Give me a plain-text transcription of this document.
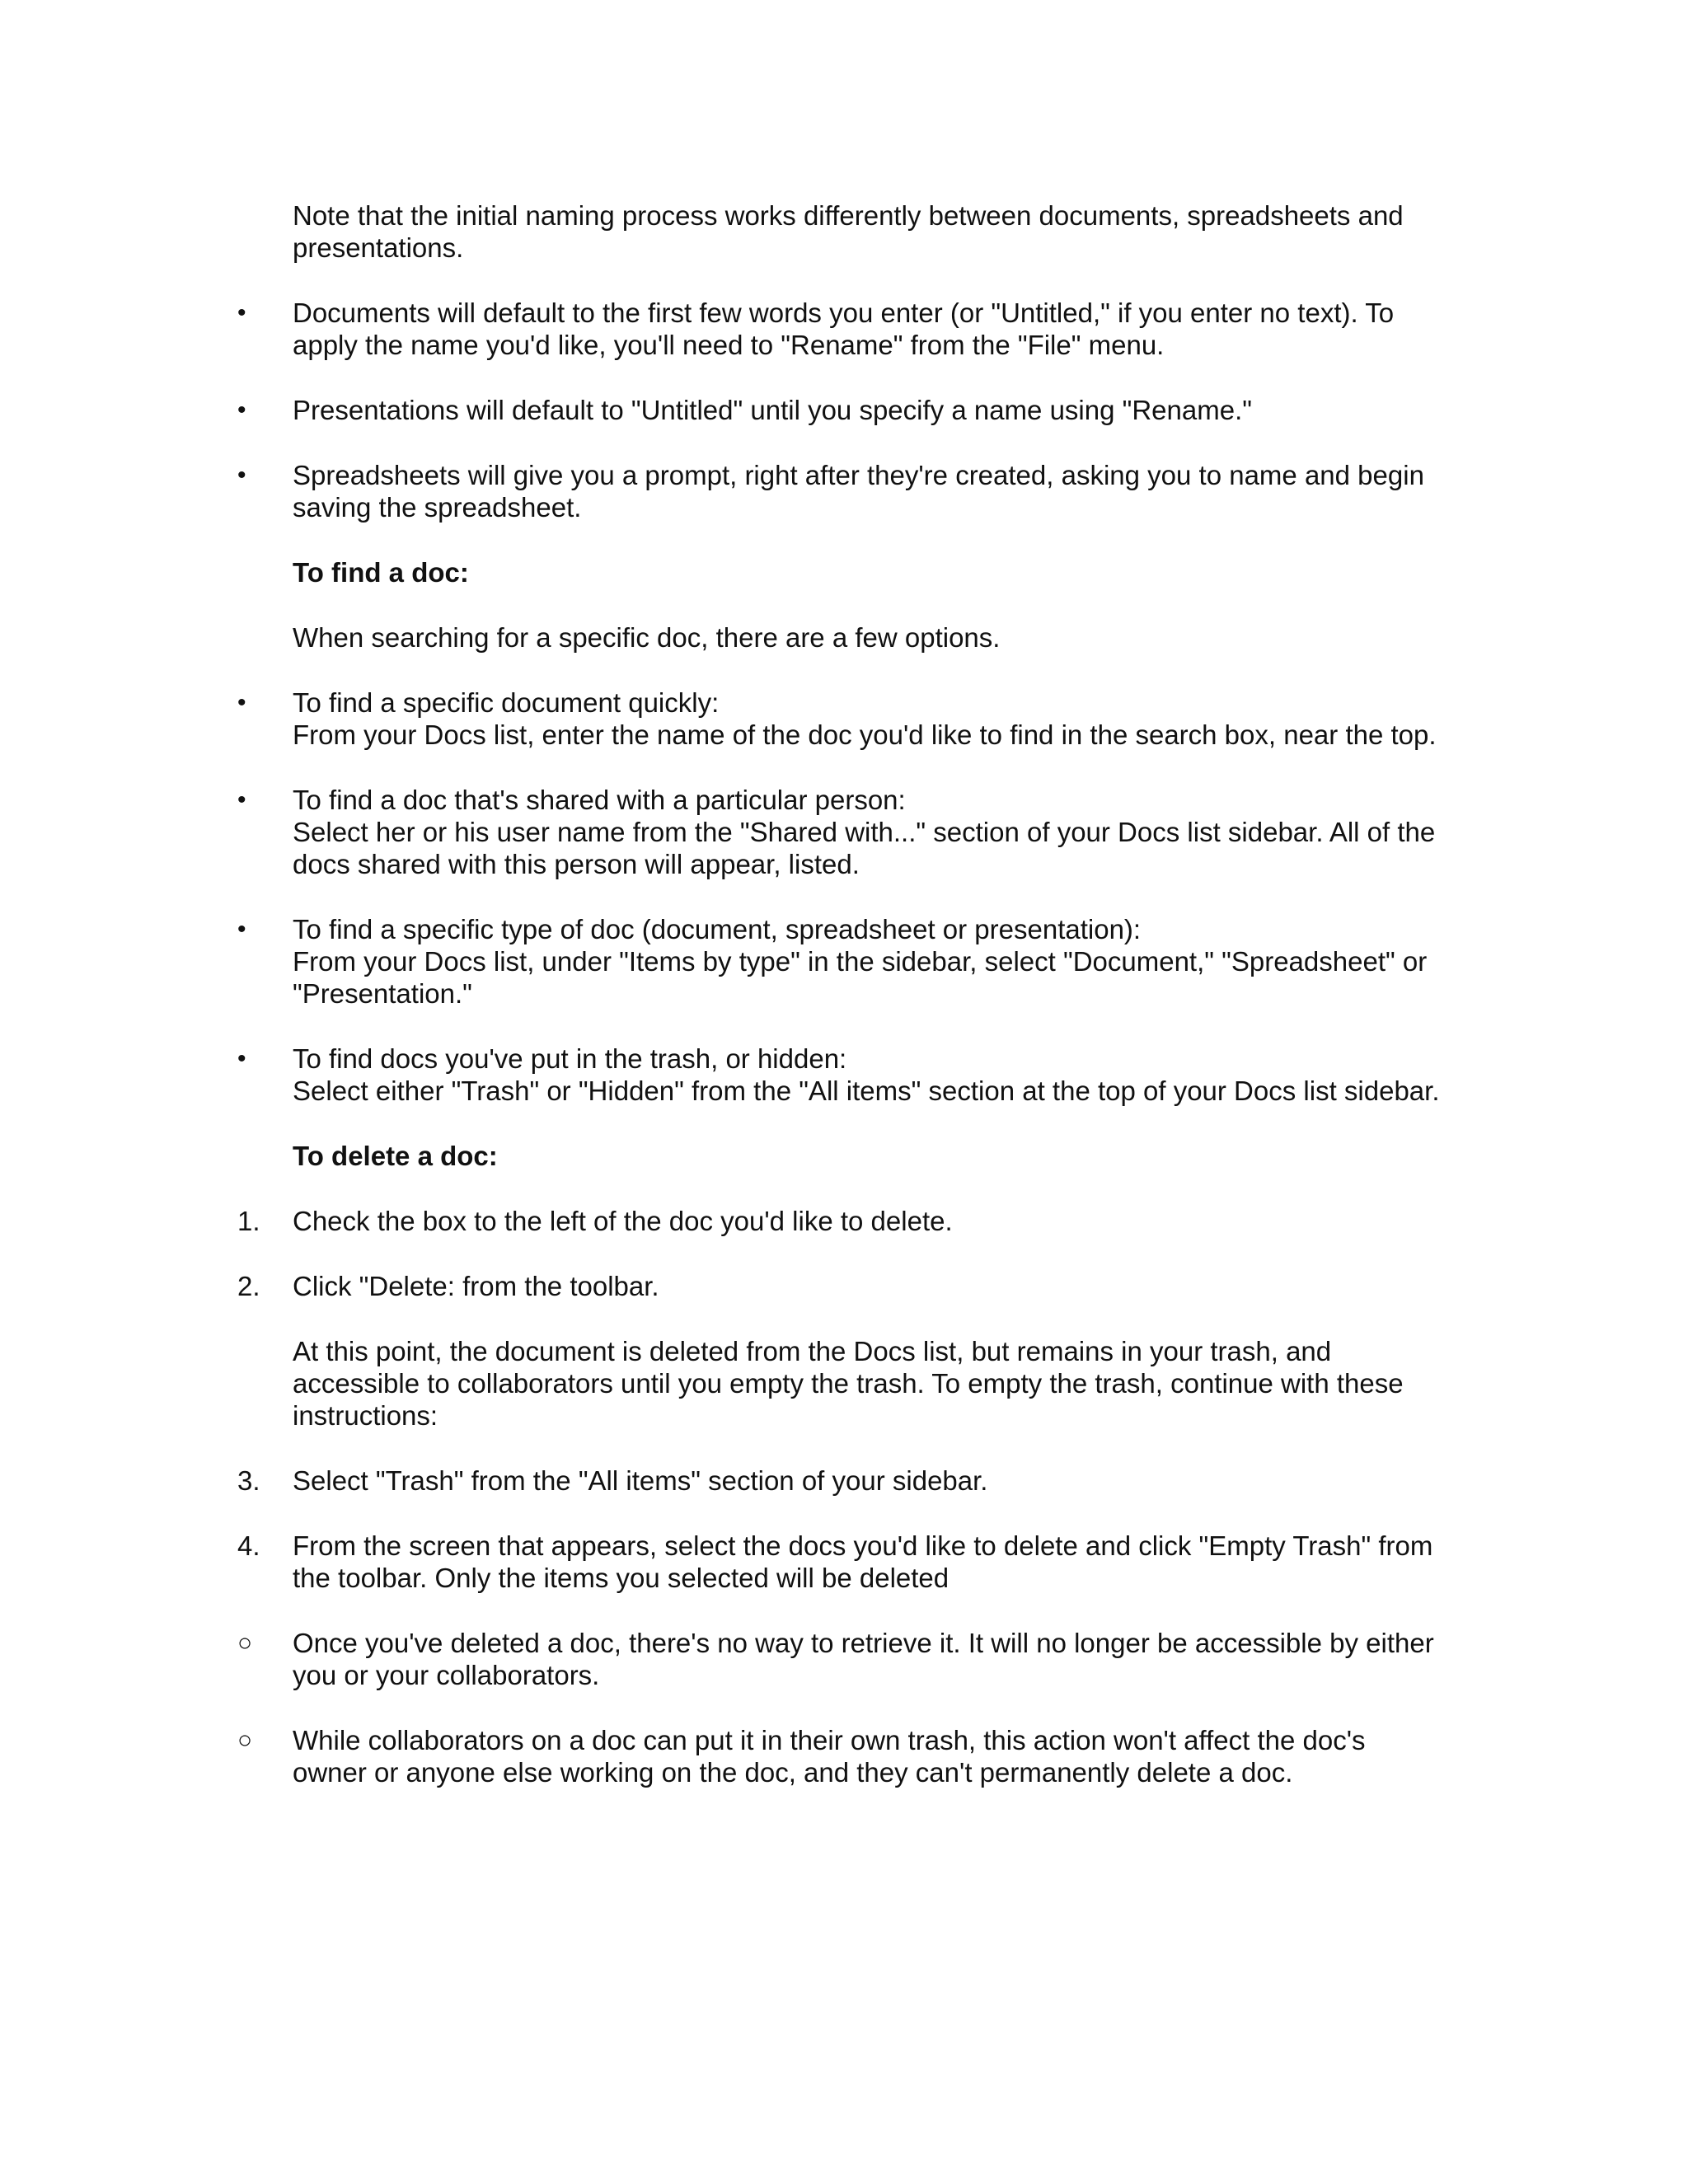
Note that the initial naming process works differently between documents, spreadsheets and presentations.
•	Documents will default to the first few words you enter (or "Untitled," if you enter no text). To apply the name you'd like, you'll need to "Rename" from the "File" menu.
•	Presentations will default to "Untitled" until you specify a name using "Rename."
•	Spreadsheets will give you a prompt, right after they're created, asking you to name and begin saving the spreadsheet.
To find a doc:
When searching for a specific doc, there are a few options.
•	To find a specific document quickly:
From your Docs list, enter the name of the doc you'd like to find in the search box, near the top.
•	To find a doc that's shared with a particular person:
Select her or his user name from the "Shared with..." section of your Docs list sidebar. All of the docs shared with this person will appear, listed.
•	To find a specific type of doc (document, spreadsheet or presentation):
From your Docs list, under "Items by type" in the sidebar, select "Document," "Spreadsheet" or "Presentation."
•	To find docs you've put in the trash, or hidden:
Select either "Trash" or "Hidden" from the "All items" section at the top of your Docs list sidebar.
To delete a doc:
1.	Check the box to the left of the doc you'd like to delete.
2.	Click "Delete: from the toolbar.
At this point, the document is deleted from the Docs list, but remains in your trash, and accessible to collaborators until you empty the trash. To empty the trash, continue with these instructions:
3.	Select "Trash" from the "All items" section of your sidebar.
4.	From the screen that appears, select the docs you'd like to delete and click "Empty Trash" from the toolbar. Only the items you selected will be deleted
○	Once you've deleted a doc, there's no way to retrieve it. It will no longer be accessible by either you or your collaborators.
○	While collaborators on a doc can put it in their own trash, this action won't affect the doc's owner or anyone else working on the doc, and they can't permanently delete a doc.
